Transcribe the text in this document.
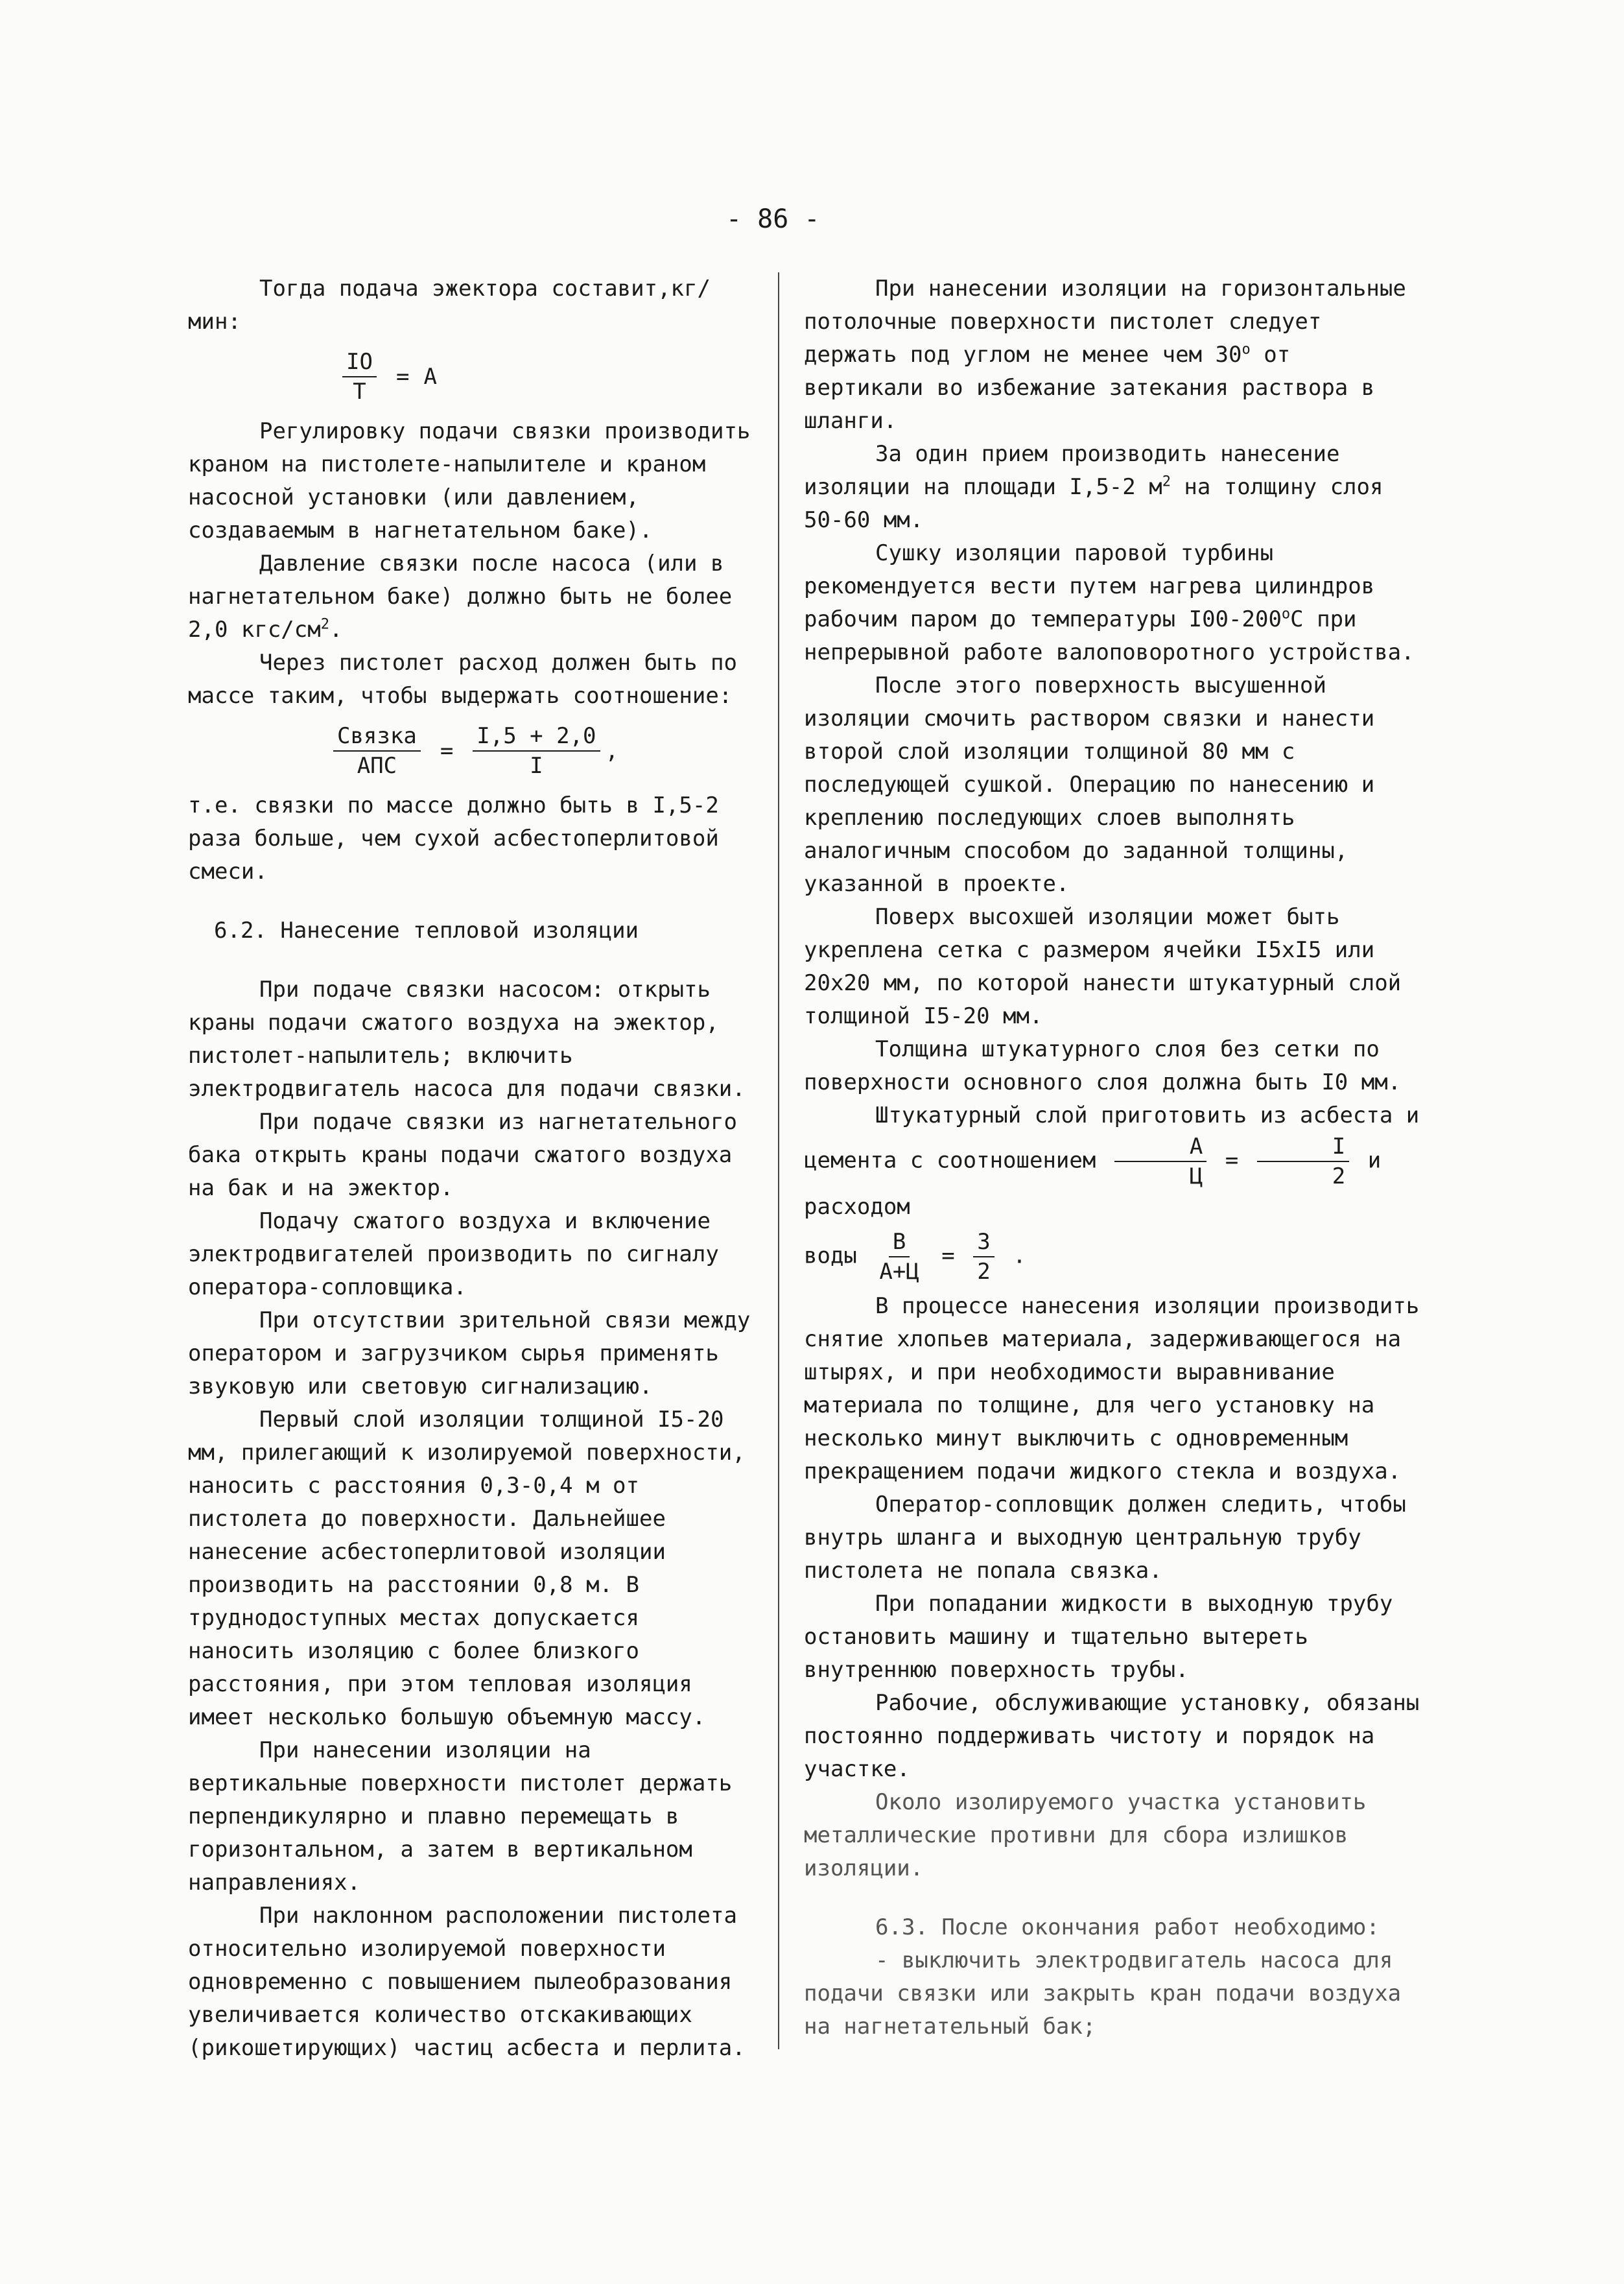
- 86 -

Тогда подача эжектора составит,кг/мин:

$\frac{IO}{T} = A$

Регулировку подачи связки производить краном на пистолете-напылителе и краном насосной установки (или давлением, создаваемым в нагнетательном баке).

Давление связки после насоса (или в нагнетательном баке) должно быть не более 2,0 кгс/$см^2$.

Через пистолет расход должен быть по массе таким, чтобы выдержать соотношение:

$\frac{\text{Связка}}{\text{АПС}} = \frac{I,5 + 2,0}{I}$ ,

т.е. связки по массе должно быть в I,5-2 раза больше, чем сухой асбестоперлитовой смеси.

6.2. Нанесение тепловой изоляции

При подаче связки насосом: открыть краны подачи сжатого воздуха на эжектор, пистолет-напылитель; включить электродвигатель насоса для подачи связки.

При подаче связки из нагнетательного бака открыть краны подачи сжатого воздуха на бак и на эжектор.

Подачу сжатого воздуха и включение электродвигателей производить по сигналу оператора-сопловщика.

При отсутствии зрительной связи между оператором и загрузчиком сырья применять звуковую или световую сигнализацию.

Первый слой изоляции толщиной I5-20 мм, прилегающий к изолируемой поверхности, наносить с расстояния 0,3-0,4 м от пистолета до поверхности. Дальнейшее нанесение асбестоперлитовой изоляции производить на расстоянии 0,8 м. В труднодоступных местах допускается наносить изоляцию с более близкого расстояния, при этом тепловая изоляция имеет несколько большую объемную массу.

При нанесении изоляции на вертикальные поверхности пистолет держать перпендикулярно и плавно перемещать в горизонтальном, а затем в вертикальном направлениях.

При наклонном расположении пистолета относительно изолируемой поверхности одновременно с повышением пылеобразования увеличивается количество отскакивающих (рикошетирующих) частиц асбеста и перлита.

При нанесении изоляции на горизонтальные потолочные поверхности пистолет следует держать под углом не менее чем $30^о$ от вертикали во избежание затекания раствора в шланги.

За один прием производить нанесение изоляции на площади I,5-2 $м^2$ на толщину слоя 50-60 мм.

Сушку изоляции паровой турбины рекомендуется вести путем нагрева цилиндров рабочим паром до температуры $I00-200^оС$ при непрерывной работе валоповоротного устройства.

После этого поверхность высушенной изоляции смочить раствором связки и нанести второй слой изоляции толщиной 80 мм с последующей сушкой. Операцию по нанесению и креплению последующих слоев выполнять аналогичным способом до заданной толщины, указанной в проекте.

Поверх высохшей изоляции может быть укреплена сетка с размером ячейки I5xI5 или 20x20 мм, по которой нанести штукатурный слой толщиной I5-20 мм.

Толщина штукатурного слоя без сетки по поверхности основного слоя должна быть I0 мм.

Штукатурный слой приготовить из асбеста и цемента с соотношением $\frac{А}{Ц} = \frac{I}{2}$ и расходом

воды $\frac{В}{А+Ц} = \frac{3}{2}$ .

В процессе нанесения изоляции производить снятие хлопьев материала, задерживающегося на штырях, и при необходимости выравнивание материала по толщине, для чего установку на несколько минут выключить с одновременным прекращением подачи жидкого стекла и воздуха.

Оператор-сопловщик должен следить, чтобы внутрь шланга и выходную центральную трубу пистолета не попала связка.

При попадании жидкости в выходную трубу остановить машину и тщательно вытереть внутреннюю поверхность трубы.

Рабочие, обслуживающие установку, обязаны постоянно поддерживать чистоту и порядок на участке.

Около изолируемого участка установить металлические противни для сбора излишков изоляции.

6.3. После окончания работ необходимо:

- выключить электродвигатель насоса для подачи связки или закрыть кран подачи воздуха на нагнетательный бак;
